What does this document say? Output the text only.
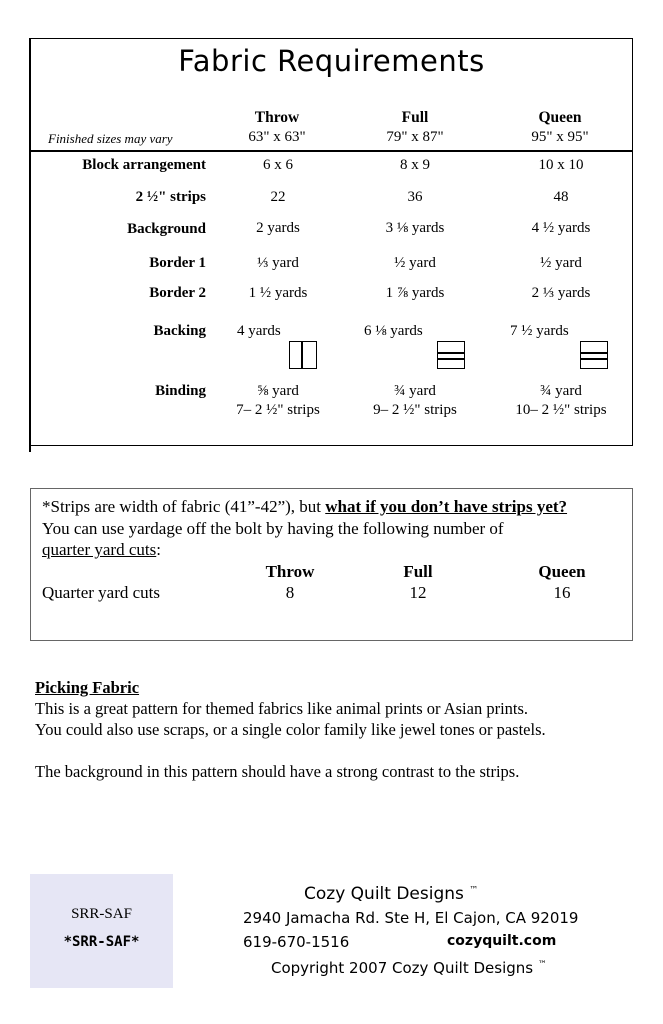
Fabric Requirements
Finished sizes may vary
Throw	Full	Queen
63" x 63"	79" x 87"	95" x 95"
Block arrangement	6 x 6	8 x 9	10 x 10
2 ½" strips	22	36	48
Background	2 yards	3 ⅛ yards	4 ½ yards
Border 1	⅓ yard	½ yard	½ yard
Border 2	1 ½ yards	1 ⅞ yards	2 ⅓ yards
Backing 4 yards	6 ⅛ yards	7 ½ yards
Binding	⅝ yard	¾ yard	¾ yard
7– 2 ½" strips	9– 2 ½" strips	10– 2 ½" strips
*Strips are width of fabric (41”-42”), but what if you don’t have strips yet?
You can use yardage off the bolt by having the following number of
quarter yard cuts:
Throw	Full	Queen
Quarter yard cuts	8	12	16
Picking Fabric
This is a great pattern for themed fabrics like animal prints or Asian prints.
You could also use scraps, or a single color family like jewel tones or pastels.
The background in this pattern should have a strong contrast to the strips.
SRR-SAF
*SRR-SAF*
Cozy Quilt Designs ™
2940 Jamacha Rd. Ste H, El Cajon, CA 92019
619-670-1516	cozyquilt.com
Copyright 2007 Cozy Quilt Designs ™
